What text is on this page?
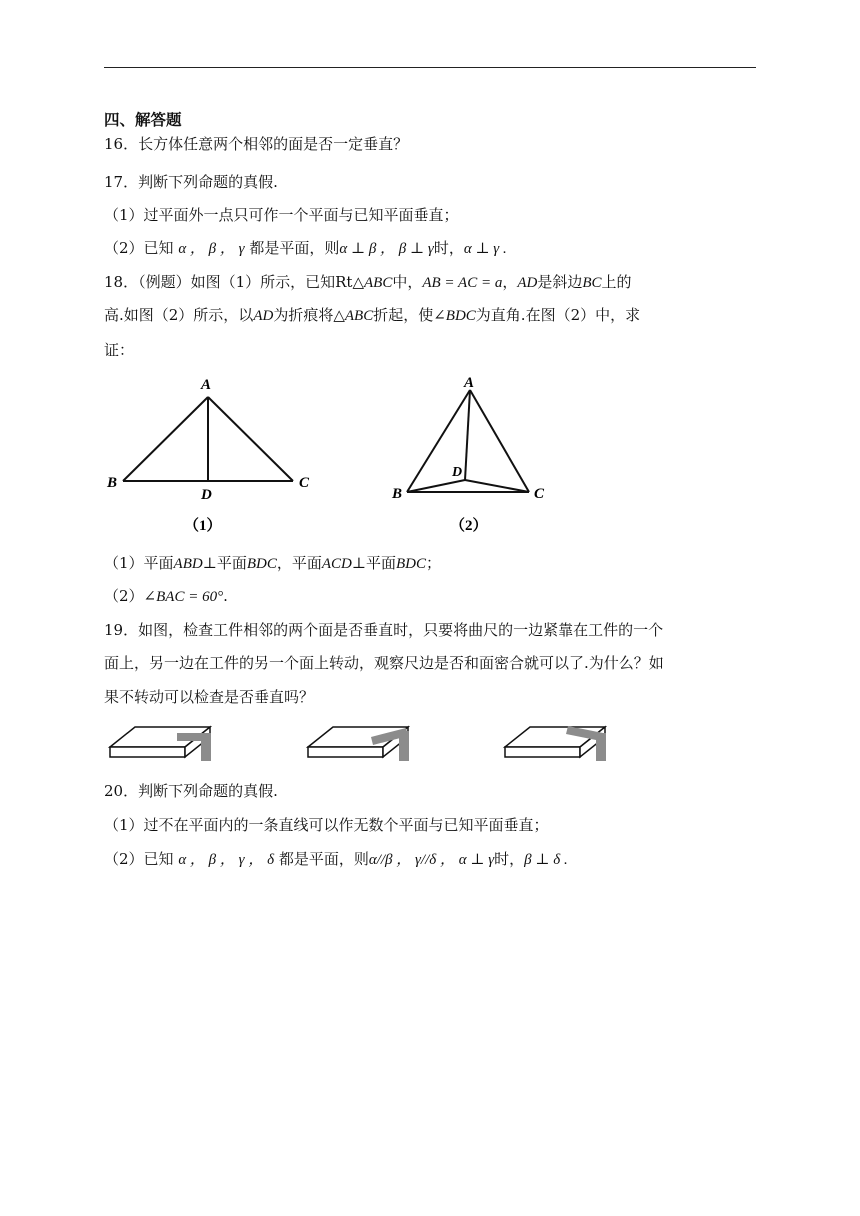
四、解答题
16．长方体任意两个相邻的面是否一定垂直？
17．判断下列命题的真假.
（1）过平面外一点只可作一个平面与已知平面垂直；
（2）已知 α ， β ， γ 都是平面，则α ⊥ β ， β ⊥ γ时，α ⊥ γ .
18．（例题）如图（1）所示，已知Rt△ABC中，AB = AC = a，AD是斜边BC上的
高.如图（2）所示，以AD为折痕将△ABC折起，使∠BDC为直角.在图（2）中，求
证：
A
B	C
D
（1）
A
B	C
D
（2）
（1）平面ABD⊥平面BDC，平面ACD⊥平面BDC；
（2）∠BAC = 60°.
19．如图，检查工件相邻的两个面是否垂直时，只要将曲尺的一边紧靠在工件的一个
面上，另一边在工件的另一个面上转动，观察尺边是否和面密合就可以了.为什么？如
果不转动可以检查是否垂直吗？
20．判断下列命题的真假.
（1）过不在平面内的一条直线可以作无数个平面与已知平面垂直；
（2）已知 α ， β ， γ ， δ 都是平面，则α//β ， γ//δ ， α ⊥ γ时，β ⊥ δ .
